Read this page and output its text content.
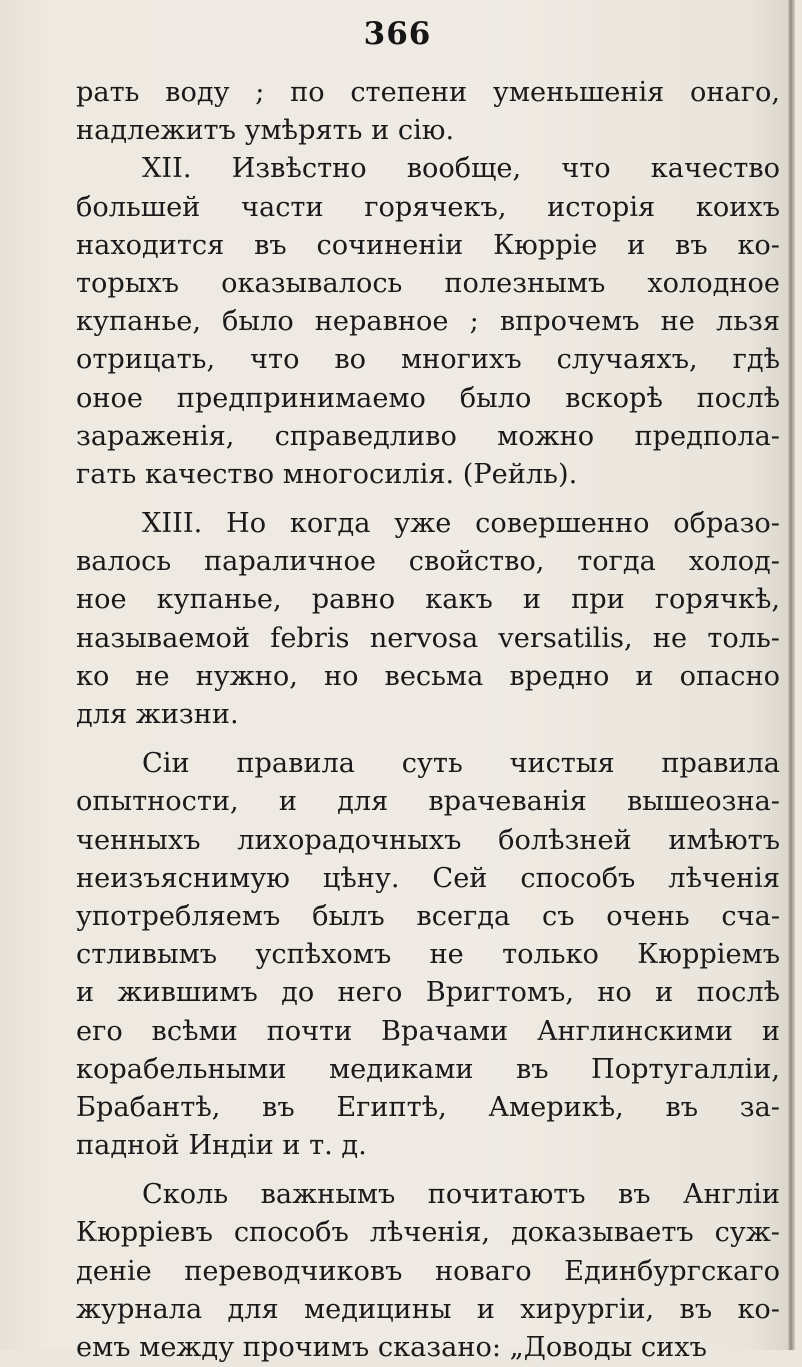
366
рать воду ; по степени уменьшенія онаго,
надлежитъ умѣрять и сію.
XII. Извѣстно вообще, что качество
большей части горячекъ, исторія коихъ
находится въ сочиненіи Кюрріе и въ ко-
торыхъ оказывалось полезнымъ холодное
купанье, было неравное ; впрочемъ не льзя
отрицать, что во многихъ случаяхъ, гдѣ
оное предпринимаемо было вскорѣ послѣ
зараженія, справедливо можно предпола-
гать качество многосилія. (Рейль).
XIII. Но когда уже совершенно образо-
валось параличное свойство, тогда холод-
ное купанье, равно какъ и при горячкѣ,
называемой febris nervosa versatilis, не толь-
ко не нужно, но весьма вредно и опасно
для жизни.
Сіи правила суть чистыя правила
опытности, и для врачеванія вышеозна-
ченныхъ лихорадочныхъ болѣзней имѣютъ
неизъяснимую цѣну. Сей способъ лѣченія
употребляемъ былъ всегда съ очень сча-
стливымъ успѣхомъ не только Кюрріемъ
и жившимъ до него Вригтомъ, но и послѣ
его всѣми почти Врачами Англинскими и
корабельными медиками въ Португалліи,
Брабантѣ, въ Египтѣ, Америкѣ, въ за-
падной Индіи и т. д.
Сколь важнымъ почитаютъ въ Англіи
Кюрріевъ способъ лѣченія, доказываетъ суж-
деніе переводчиковъ новаго Единбургскаго
журнала для медицины и хирургіи, въ ко-
емъ между прочимъ сказано: „Доводы сихъ
